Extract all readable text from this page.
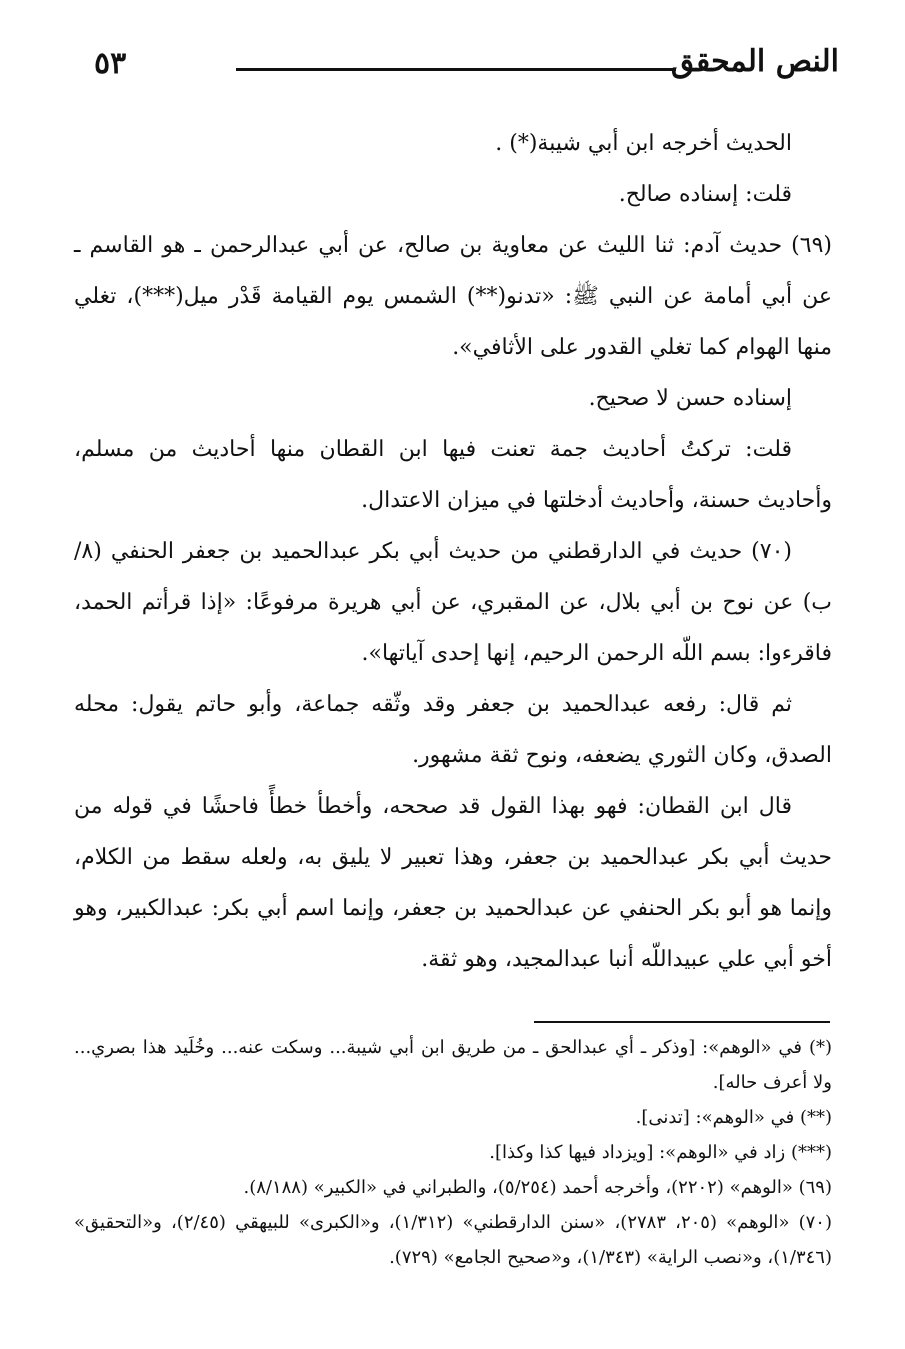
٥٣	النص المحقق

الحديث أخرجه ابن أبي شيبة(*) .

قلت: إسناده صالح.

(٦٩) حديث آدم: ثنا الليث عن معاوية بن صالح، عن أبي عبدالرحمن ـ هو القاسم ـ عن أبي أمامة عن النبي ﷺ: «تدنو(**) الشمس يوم القيامة قَدْر ميل(***)، تغلي منها الهوام كما تغلي القدور على الأثافي».

إسناده حسن لا صحيح.

قلت: تركتُ أحاديث جمة تعنت فيها ابن القطان منها أحاديث من مسلم، وأحاديث حسنة، وأحاديث أدخلتها في ميزان الاعتدال.

(٧٠) حديث في الدارقطني من حديث أبي بكر عبدالحميد بن جعفر الحنفي (٨/ب) عن نوح بن أبي بلال، عن المقبري، عن أبي هريرة مرفوعًا: «إذا قرأتم الحمد، فاقرءوا: بسم اللّه الرحمن الرحيم، إنها إحدى آياتها».

ثم قال: رفعه عبدالحميد بن جعفر وقد وثّقه جماعة، وأبو حاتم يقول: محله الصدق، وكان الثوري يضعفه، ونوح ثقة مشهور.

قال ابن القطان: فهو بهذا القول قد صححه، وأخطأ خطأً فاحشًا في قوله من حديث أبي بكر عبدالحميد بن جعفر، وهذا تعبير لا يليق به، ولعله سقط من الكلام، وإنما هو أبو بكر الحنفي عن عبدالحميد بن جعفر، وإنما اسم أبي بكر: عبدالكبير، وهو أخو أبي علي عبيداللّه أنبا عبدالمجيد، وهو ثقة.

(*) في «الوهم»: [وذكر ـ أي عبدالحق ـ من طريق ابن أبي شيبة... وسكت عنه... وخُلَيد هذا بصري... ولا أعرف حاله].

(**) في «الوهم»: [تدنى].

(***) زاد في «الوهم»: [ويزداد فيها كذا وكذا].

(٦٩) «الوهم» (٢٢٠٢)، وأخرجه أحمد (٥/٢٥٤)، والطبراني في «الكبير» (٨/١٨٨).

(٧٠) «الوهم» (٢٠٥، ٢٧٨٣)، «سنن الدارقطني» (١/٣١٢)، و«الكبرى» للبيهقي (٢/٤٥)، و«التحقيق» (١/٣٤٦)، و«نصب الراية» (١/٣٤٣)، و«صحيح الجامع» (٧٢٩).
